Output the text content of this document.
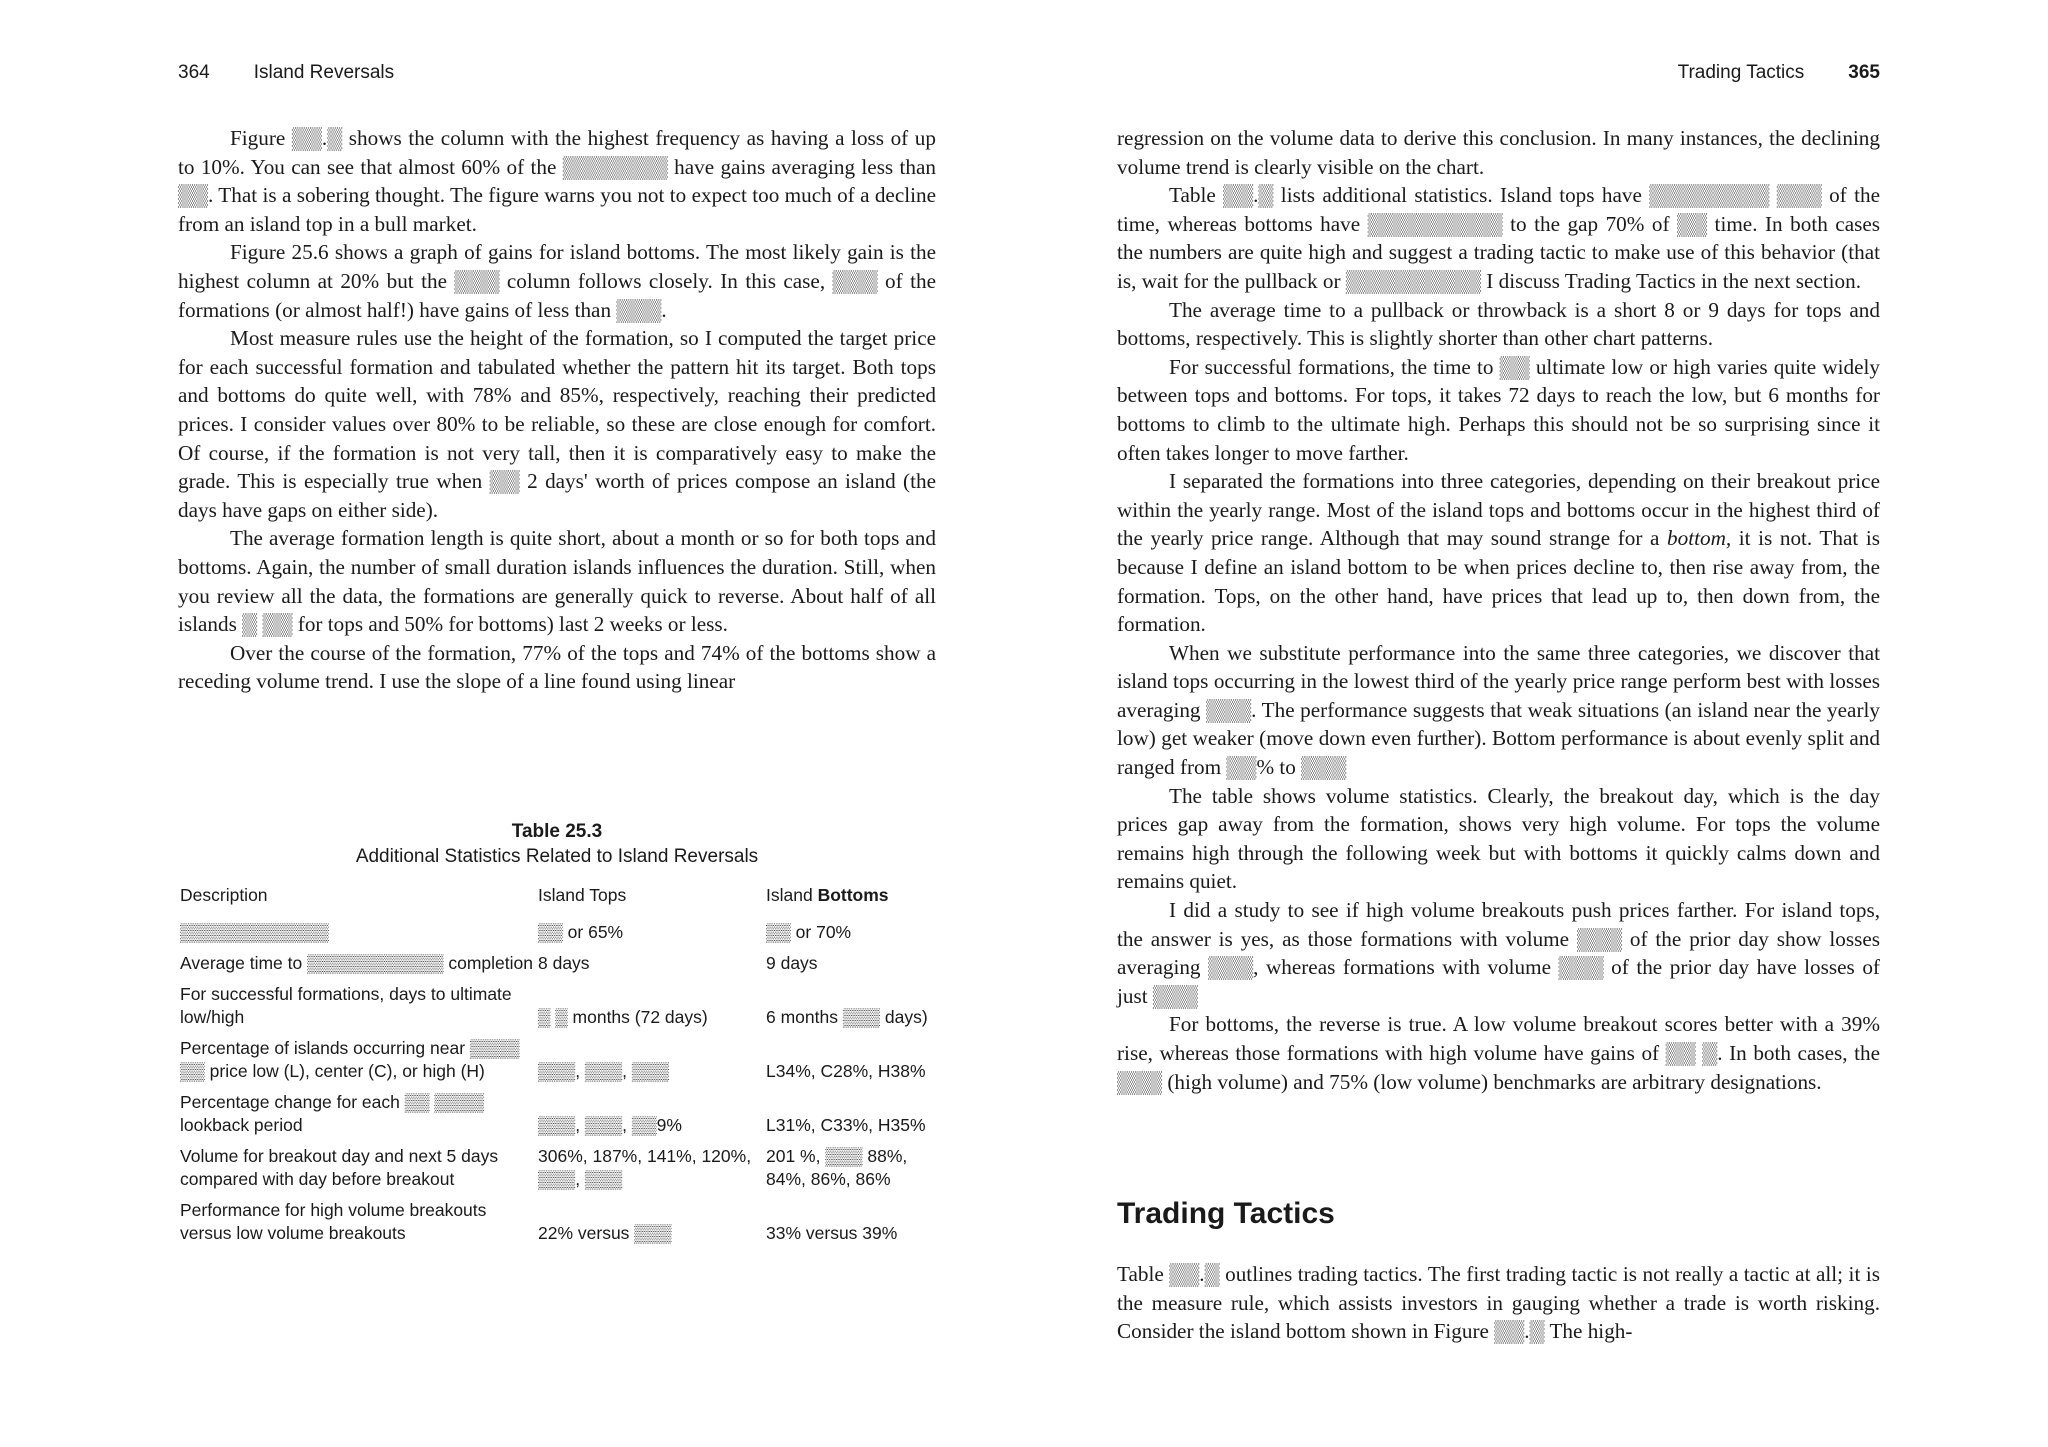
364 Island Reversals	Trading Tactics 365

Figure ▒▒.▒ shows the column with the highest frequency as having a loss of up to 10%. You can see that almost 60% of the ▒▒▒▒▒▒▒ have gains averaging less than ▒▒. That is a sobering thought. The figure warns you not to expect too much of a decline from an island top in a bull market.

Figure 25.6 shows a graph of gains for island bottoms. The most likely gain is the highest column at 20% but the ▒▒▒ column follows closely. In this case, ▒▒▒ of the formations (or almost half!) have gains of less than ▒▒▒.

Most measure rules use the height of the formation, so I computed the target price for each successful formation and tabulated whether the pattern hit its target. Both tops and bottoms do quite well, with 78% and 85%, respectively, reaching their predicted prices. I consider values over 80% to be reliable, so these are close enough for comfort. Of course, if the formation is not very tall, then it is comparatively easy to make the grade. This is especially true when ▒▒ 2 days' worth of prices compose an island (the days have gaps on either side).

The average formation length is quite short, about a month or so for both tops and bottoms. Again, the number of small duration islands influences the duration. Still, when you review all the data, the formations are generally quick to reverse. About half of all islands ▒ ▒▒ for tops and 50% for bottoms) last 2 weeks or less.

Over the course of the formation, 77% of the tops and 74% of the bottoms show a receding volume trend. I use the slope of a line found using linear

Table 25.3
Additional Statistics Related to Island Reversals
Description	Island Tops	Island Bottoms
▒▒▒▒▒▒▒▒▒▒▒▒	▒▒ or 65%	▒▒ or 70%
Average time to ▒▒▒▒▒▒▒▒▒▒▒ completion	8 days	9 days
For successful formations, days to ultimate low/high	▒ ▒ months (72 days)	6 months ▒▒▒ days)
Percentage of islands occurring near ▒▒▒▒ ▒▒ price low (L), center (C), or high (H)	▒▒▒, ▒▒▒, ▒▒▒	L34%, C28%, H38%
Percentage change for each ▒▒ ▒▒▒▒ lookback period	▒▒▒, ▒▒▒, ▒▒9%	L31%, C33%, H35%
Volume for breakout day and next 5 days compared with day before breakout	306%, 187%, 141%, 120%, ▒▒▒, ▒▒▒	201 %, ▒▒▒ 88%, 84%, 86%, 86%
Performance for high volume breakouts versus low volume breakouts	22% versus ▒▒▒	33% versus 39%

regression on the volume data to derive this conclusion. In many instances, the declining volume trend is clearly visible on the chart.

Table ▒▒.▒ lists additional statistics. Island tops have ▒▒▒▒▒▒▒▒ ▒▒▒ of the time, whereas bottoms have ▒▒▒▒▒▒▒▒▒ to the gap 70% of ▒▒ time. In both cases the numbers are quite high and suggest a trading tactic to make use of this behavior (that is, wait for the pullback or ▒▒▒▒▒▒▒▒▒ I discuss Trading Tactics in the next section.

The average time to a pullback or throwback is a short 8 or 9 days for tops and bottoms, respectively. This is slightly shorter than other chart patterns.

For successful formations, the time to ▒▒ ultimate low or high varies quite widely between tops and bottoms. For tops, it takes 72 days to reach the low, but 6 months for bottoms to climb to the ultimate high. Perhaps this should not be so surprising since it often takes longer to move farther.

I separated the formations into three categories, depending on their breakout price within the yearly range. Most of the island tops and bottoms occur in the highest third of the yearly price range. Although that may sound strange for a bottom, it is not. That is because I define an island bottom to be when prices decline to, then rise away from, the formation. Tops, on the other hand, have prices that lead up to, then down from, the formation.

When we substitute performance into the same three categories, we discover that island tops occurring in the lowest third of the yearly price range perform best with losses averaging ▒▒▒. The performance suggests that weak situations (an island near the yearly low) get weaker (move down even further). Bottom performance is about evenly split and ranged from ▒▒% to ▒▒▒

The table shows volume statistics. Clearly, the breakout day, which is the day prices gap away from the formation, shows very high volume. For tops the volume remains high through the following week but with bottoms it quickly calms down and remains quiet.

I did a study to see if high volume breakouts push prices farther. For island tops, the answer is yes, as those formations with volume ▒▒▒ of the prior day show losses averaging ▒▒▒, whereas formations with volume ▒▒▒ of the prior day have losses of just ▒▒▒

For bottoms, the reverse is true. A low volume breakout scores better with a 39% rise, whereas those formations with high volume have gains of ▒▒ ▒. In both cases, the ▒▒▒ (high volume) and 75% (low volume) benchmarks are arbitrary designations.

Trading Tactics

Table ▒▒.▒ outlines trading tactics. The first trading tactic is not really a tactic at all; it is the measure rule, which assists investors in gauging whether a trade is worth risking. Consider the island bottom shown in Figure ▒▒.▒ The high-
